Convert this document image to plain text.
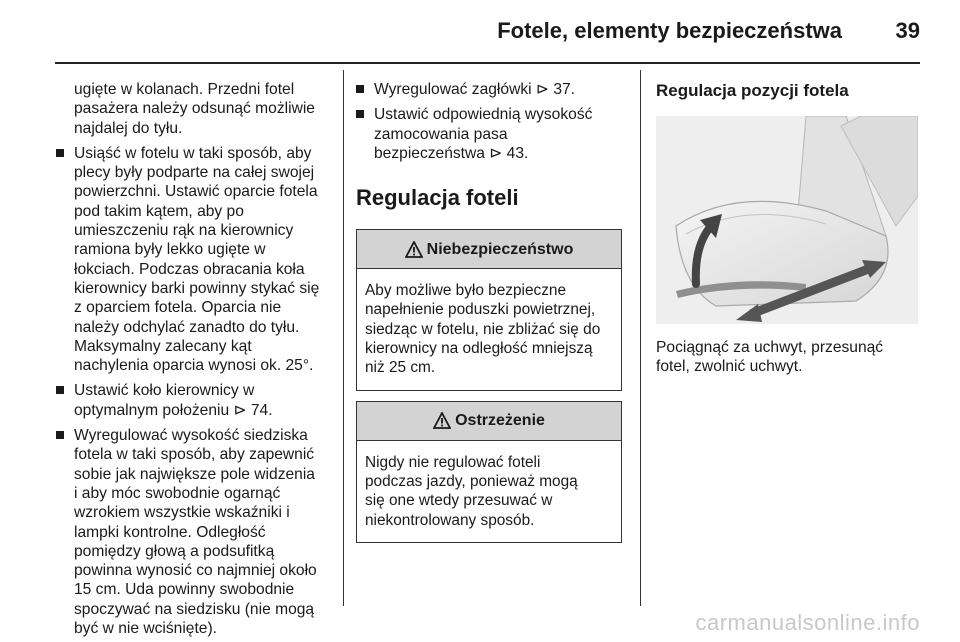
Fotele, elementy bezpieczeństwa 39

ugięte w kolanach. Przedni fotel

pasażera należy odsunąć możliwie

najdalej do tyłu.

Usiąść w fotelu w taki sposób, aby

plecy były podparte na całej swojej

powierzchni. Ustawić oparcie fotela

pod takim kątem, aby po

umieszczeniu rąk na kierownicy

ramiona były lekko ugięte w

łokciach. Podczas obracania koła

kierownicy barki powinny stykać się

z oparciem fotela. Oparcia nie

należy odchylać zanadto do tyłu.

Maksymalny zalecany kąt

nachylenia oparcia wynosi ok. 25°.

Ustawić koło kierownicy w

optymalnym położeniu ⊳ 74.

Wyregulować wysokość siedziska

fotela w taki sposób, aby zapewnić

sobie jak największe pole widzenia

i aby móc swobodnie ogarnąć

wzrokiem wszystkie wskaźniki i

lampki kontrolne. Odległość

pomiędzy głową a podsufitką

powinna wynosić co najmniej około

15 cm. Uda powinny swobodnie

spoczywać na siedzisku (nie mogą

być w nie wciśnięte).

Wyregulować zagłówki ⊳ 37.

Ustawić odpowiednią wysokość

zamocowania pasa

bezpieczeństwa ⊳ 43.

Regulacja foteli
Niebezpieczeństwo

Aby możliwe było bezpieczne

napełnienie poduszki powietrznej,

siedząc w fotelu, nie zbliżać się do

kierownicy na odległość mniejszą

niż 25 cm.

Ostrzeżenie

Nigdy nie regulować foteli

podczas jazdy, ponieważ mogą

się one wtedy przesuwać w

niekontrolowany sposób.

Regulacja pozycji fotela

Pociągnąć za uchwyt, przesunąć

fotel, zwolnić uchwyt.

carmanualsonline.info
